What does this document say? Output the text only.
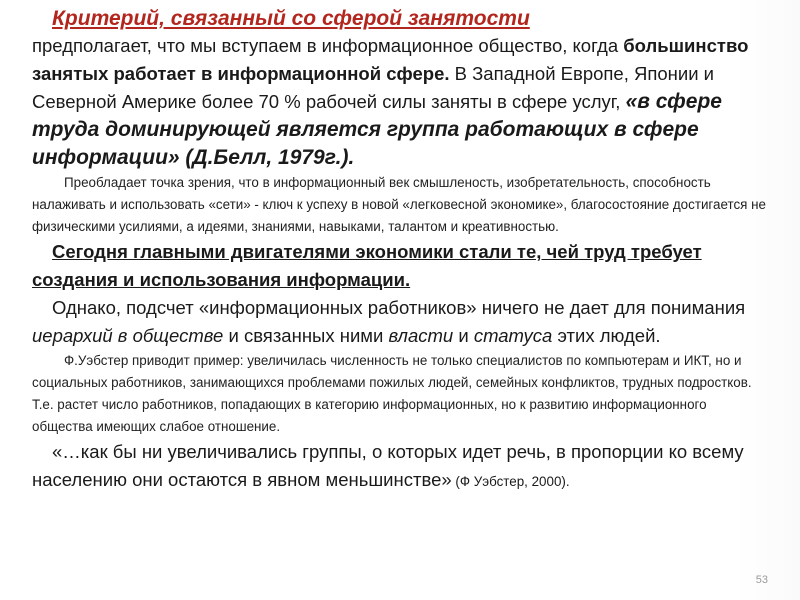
Критерий, связанный со сферой занятости

предполагает, что мы вступаем в информационное общество, когда большинство занятых работает в информационной сфере. В Западной Европе, Японии и Северной Америке более 70 % рабочей силы заняты в сфере услуг, «в сфере труда доминирующей является группа работающих в сфере информации» (Д.Белл, 1979г.).

Преобладает точка зрения, что в информационный век смышленость, изобретательность, способность налаживать и использовать «сети» - ключ к успеху в новой «легковесной экономике», благосостояние достигается не физическими усилиями, а идеями, знаниями, навыками, талантом и креативностью.

Сегодня главными двигателями экономики стали те, чей труд требует создания и использования информации.

Однако, подсчет «информационных работников» ничего не дает для понимания иерархий в обществе и связанных ними власти и статуса этих людей.

Ф.Уэбстер приводит пример: увеличилась численность не только специалистов по компьютерам и ИКТ, но и социальных работников, занимающихся проблемами пожилых людей, семейных конфликтов, трудных подростков. Т.е. растет число работников, попадающих в категорию информационных, но к развитию информационного общества имеющих слабое отношение.

«…как бы ни увеличивались группы, о которых идет речь, в пропорции ко всему населению они остаются в явном меньшинстве» (Ф Уэбстер, 2000).

53
